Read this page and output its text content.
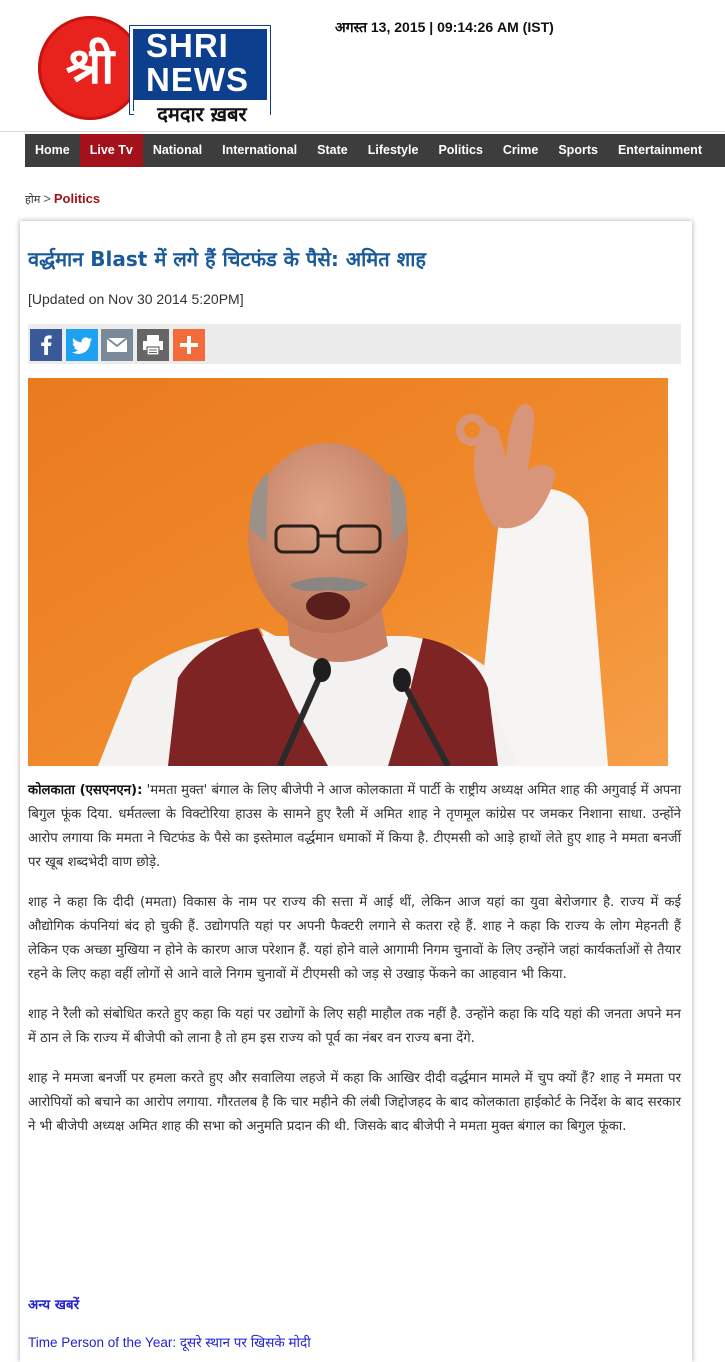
श्री SHRI
NEWS
दमदार ख़बर
अगस्त 13, 2015 | 09:14:26 AM (IST)
Home	Live Tv	National	International	State	Lifestyle	Politics	Crime	Sports	Entertainment
होम > Politics
वर्द्धमान Blast में लगे हैं चिटफंड के पैसे: अमित शाह
[Updated on Nov 30 2014 5:20PM]

कोलकाता (एसएनएन): 'ममता मुक्त' बंगाल के लिए बीजेपी ने आज कोलकाता में पार्टी के राष्ट्रीय अध्यक्ष अमित शाह की अगुवाई में अपना बिगुल फूंक दिया. धर्मतल्ला के विक्टोरिया हाउस के सामने हुए रैली में अमित शाह ने तृणमूल कांग्रेस पर जमकर निशाना साधा. उन्होंने आरोप लगाया कि ममता ने चिटफंड के पैसे का इस्तेमाल वर्द्धमान धमाकों में किया है. टीएमसी को आड़े हाथों लेते हुए शाह ने ममता बनर्जी पर खूब शब्दभेदी वाण छोड़े.

शाह ने कहा कि दीदी (ममता) विकास के नाम पर राज्य की सत्ता में आई थीं, लेकिन आज यहां का युवा बेरोजगार है. राज्य में कई औद्योगिक कंपनियां बंद हो चुकी हैं. उद्योगपति यहां पर अपनी फैक्टरी लगाने से कतरा रहे हैं. शाह ने कहा कि राज्य के लोग मेहनती हैं लेकिन एक अच्छा मुखिया न होने के कारण आज परेशान हैं. यहां होने वाले आगामी निगम चुनावों के लिए उन्होंने जहां कार्यकर्ताओं से तैयार रहने के लिए कहा वहीं लोगों से आने वाले निगम चुनावों में टीएमसी को जड़ से उखाड़ फेंकने का आहवान भी किया.

शाह ने रैली को संबोधित करते हुए कहा कि यहां पर उद्योगों के लिए सही माहौल तक नहीं है. उन्होंने कहा कि यदि यहां की जनता अपने मन में ठान ले कि राज्य में बीजेपी को लाना है तो हम इस राज्य को पूर्व का नंबर वन राज्य बना देंगे.

शाह ने ममजा बनर्जी पर हमला करते हुए और सवालिया लहजे में कहा कि आखिर दीदी वर्द्धमान मामले में चुप क्यों हैं? शाह ने ममता पर आरोपियों को बचाने का आरोप लगाया. गौरतलब है कि चार महीने की लंबी जिद्दोजहद के बाद कोलकाता हाईकोर्ट के निर्देश के बाद सरकार ने भी बीजेपी अध्यक्ष अमित शाह की सभा को अनुमति प्रदान की थी. जिसके बाद बीजेपी ने ममता मुक्त बंगाल का बिगुल फूंका.

अन्य खबरें
Time Person of the Year: दूसरे स्थान पर खिसके मोदी
